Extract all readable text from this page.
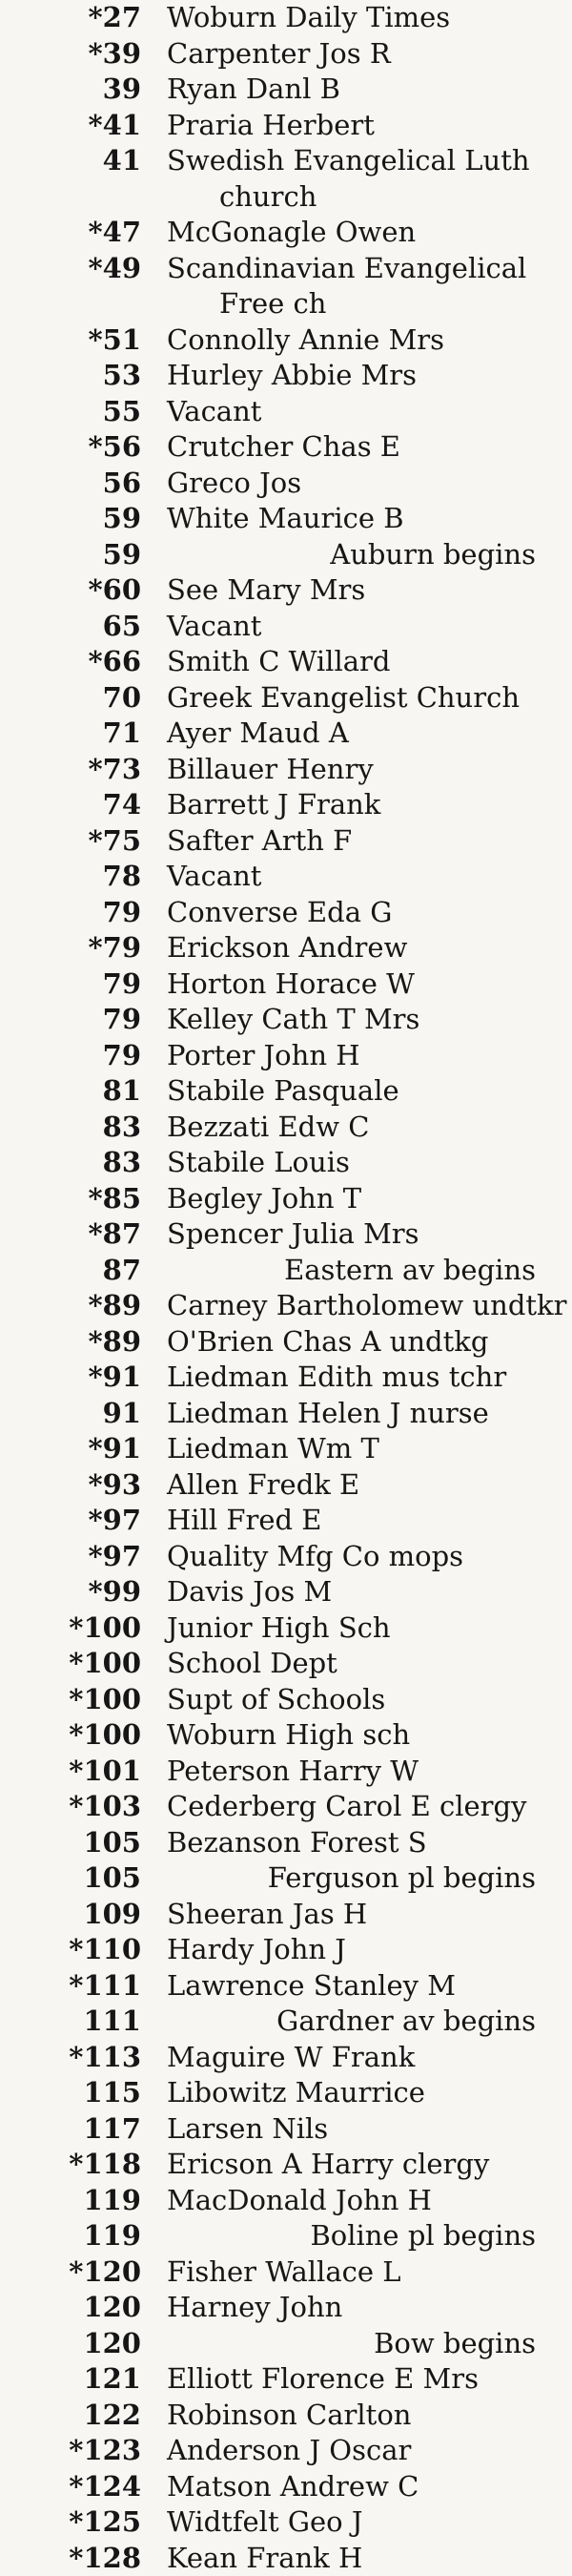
*27 Woburn Daily Times
*39 Carpenter Jos R
39 Ryan Danl B
*41 Praria Herbert
41 Swedish Evangelical Luth
church
*47 McGonagle Owen
*49 Scandinavian Evangelical
Free ch
*51 Connolly Annie Mrs
53 Hurley Abbie Mrs
55 Vacant
*56 Crutcher Chas E
56 Greco Jos
59 White Maurice B
59	Auburn begins
*60 See Mary Mrs
65 Vacant
*66 Smith C Willard
70 Greek Evangelist Church
71 Ayer Maud A
*73 Billauer Henry
74 Barrett J Frank
*75 Safter Arth F
78 Vacant
79 Converse Eda G
*79 Erickson Andrew
79 Horton Horace W
79 Kelley Cath T Mrs
79 Porter John H
81 Stabile Pasquale
83 Bezzati Edw C
83 Stabile Louis
*85 Begley John T
*87 Spencer Julia Mrs
87	Eastern av begins
*89 Carney Bartholomew undtkr
*89 O'Brien Chas A undtkg
*91 Liedman Edith mus tchr
91 Liedman Helen J nurse
*91 Liedman Wm T
*93 Allen Fredk E
*97 Hill Fred E
*97 Quality Mfg Co mops
*99 Davis Jos M
*100 Junior High Sch
*100 School Dept
*100 Supt of Schools
*100 Woburn High sch
*101 Peterson Harry W
*103 Cederberg Carol E clergy
105 Bezanson Forest S
105	Ferguson pl begins
109 Sheeran Jas H
*110 Hardy John J
*111 Lawrence Stanley M
111	Gardner av begins
*113 Maguire W Frank
115 Libowitz Maurrice
117 Larsen Nils
*118 Ericson A Harry clergy
119 MacDonald John H
119	Boline pl begins
*120 Fisher Wallace L
120 Harney John
120	Bow begins
121 Elliott Florence E Mrs
122 Robinson Carlton
*123 Anderson J Oscar
*124 Matson Andrew C
*125 Widtfelt Geo J
*128 Kean Frank H
